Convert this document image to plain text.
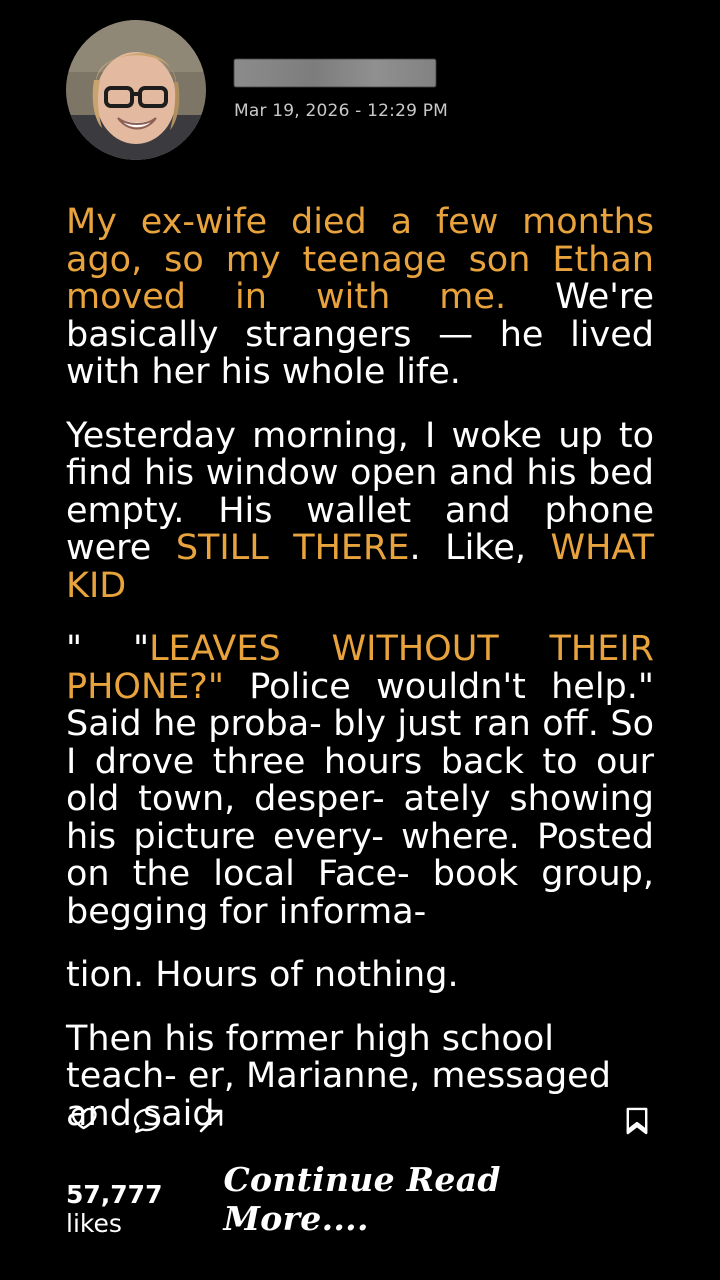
Mar 19, 2026 - 12:29 PM

My ex-wife died a few months ago, so my teenage son Ethan moved in with me. We're basically strangers — he lived with her his whole life.

Yesterday morning, I woke up to find his window open and his bed empty. His wallet and phone were STILL THERE. Like, WHAT KID

" "LEAVES WITHOUT THEIR PHONE?" Police wouldn't help." Said he proba- bly just ran off. So I drove three hours back to our old town, desper- ately showing his picture every- where. Posted on the local Face- book group, begging for informa-

tion. Hours of nothing.

Then his former high school teach- er, Marianne, messaged and said

57,777 likes
Continue Read More....
